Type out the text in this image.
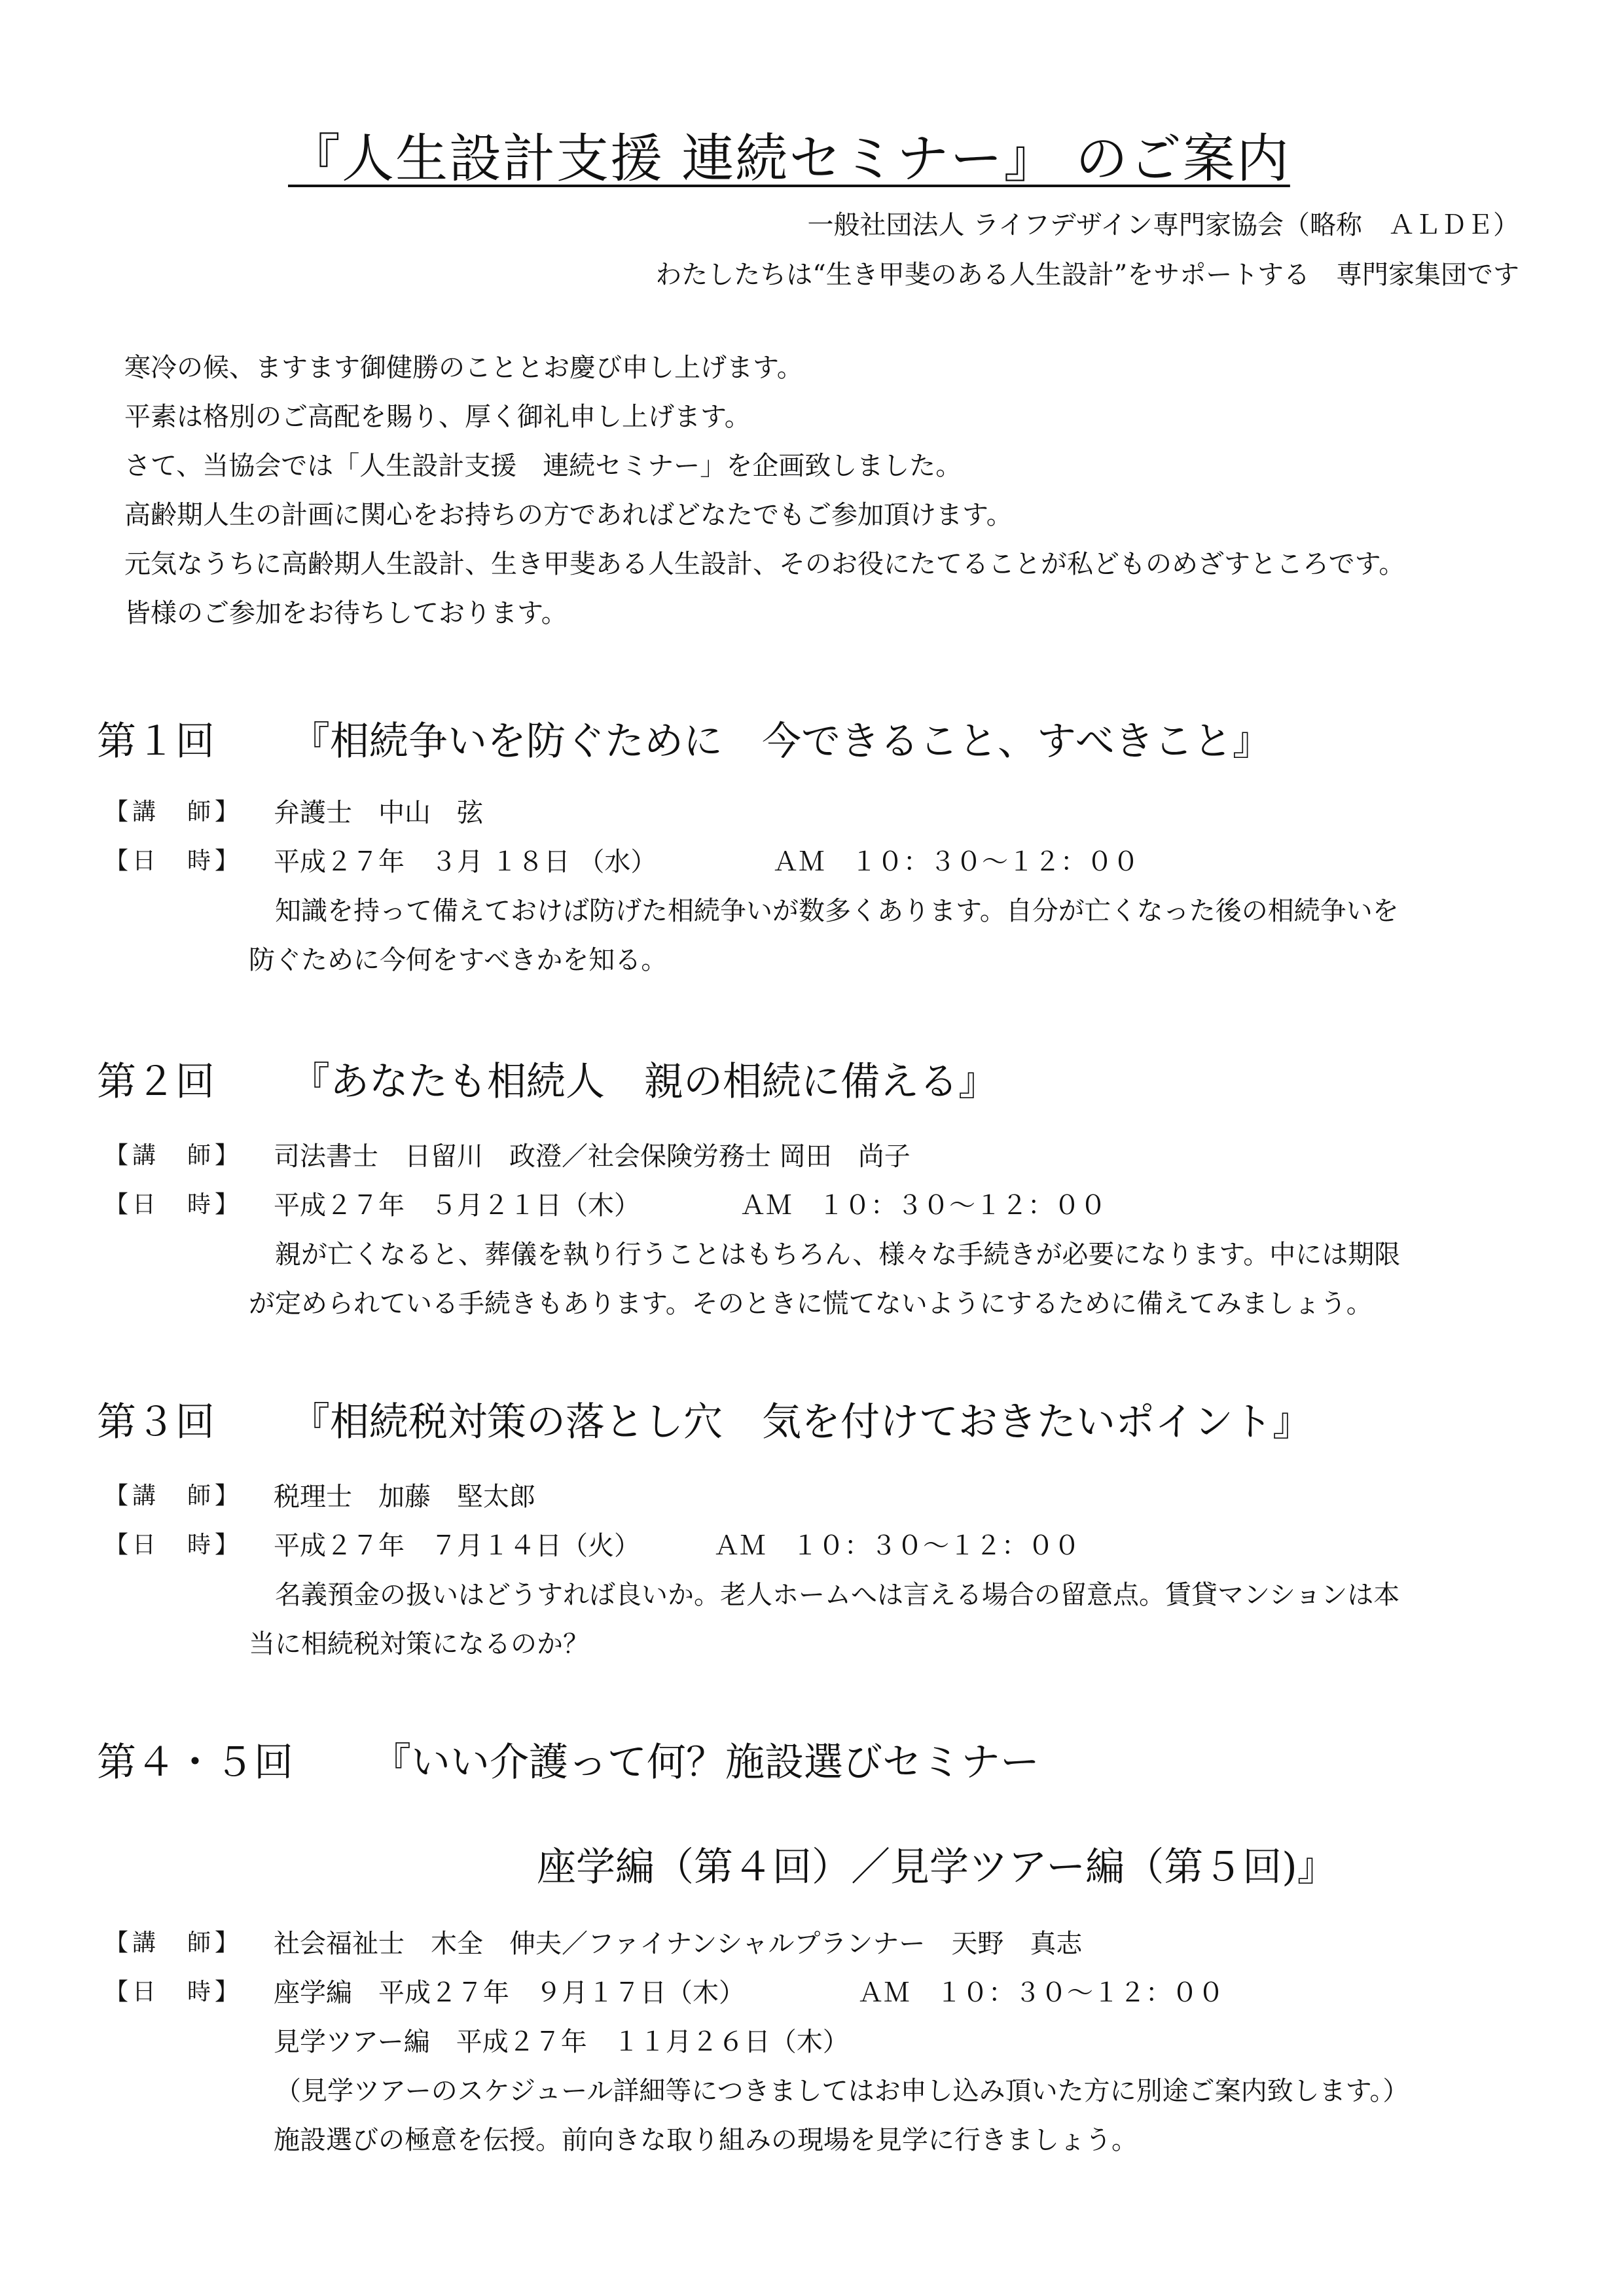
『人生設計支援 連続セミナー』 のご案内
一般社団法人 ライフデザイン専門家協会（略称　ＡＬＤＥ）
わたしたちは“生き甲斐のある人生設計”をサポートする　専門家集団です
寒冷の候、ますます御健勝のこととお慶び申し上げます。
平素は格別のご高配を賜り、厚く御礼申し上げます。
さて、当協会では「人生設計支援　連続セミナー」を企画致しました。
高齢期人生の計画に関心をお持ちの方であればどなたでもご参加頂けます。
元気なうちに高齢期人生設計、生き甲斐ある人生設計、そのお役にたてることが私どものめざすところです。
皆様のご参加をお待ちしております。
第１回 『相続争いを防ぐために　今できること、すべきこと』
【講　師】 弁護士　中山　弦
【日　時】 平成２７年　３月 １８日 （水）	ＡＭ　１０：３０～１２：００
知識を持って備えておけば防げた相続争いが数多くあります。自分が亡くなった後の相続争いを
防ぐために今何をすべきかを知る。
第２回 『あなたも相続人　親の相続に備える』
【講　師】 司法書士　日留川　政澄／社会保険労務士 岡田　尚子
【日　時】 平成２７年　５月２１日（木）	ＡＭ　１０：３０～１２：００
親が亡くなると、葬儀を執り行うことはもちろん、様々な手続きが必要になります。中には期限
が定められている手続きもあります。そのときに慌てないようにするために備えてみましょう。
第３回 『相続税対策の落とし穴　気を付けておきたいポイント』
【講　師】 税理士　加藤　堅太郎
【日　時】 平成２７年　７月１４日（火）	ＡＭ　１０：３０～１２：００
名義預金の扱いはどうすれば良いか。老人ホームへは言える場合の留意点。賃貸マンションは本
当に相続税対策になるのか？
第４・５回 『いい介護って何？施設選びセミナー
座学編（第４回）／見学ツアー編（第５回)』
【講　師】 社会福祉士　木全　伸夫／ファイナンシャルプランナー　天野　真志
【日　時】 座学編　平成２７年　９月１７日（木）	ＡＭ　１０：３０～１２：００
見学ツアー編　平成２７年　１１月２６日（木）
（見学ツアーのスケジュール詳細等につきましてはお申し込み頂いた方に別途ご案内致します。）
施設選びの極意を伝授。前向きな取り組みの現場を見学に行きましょう。
